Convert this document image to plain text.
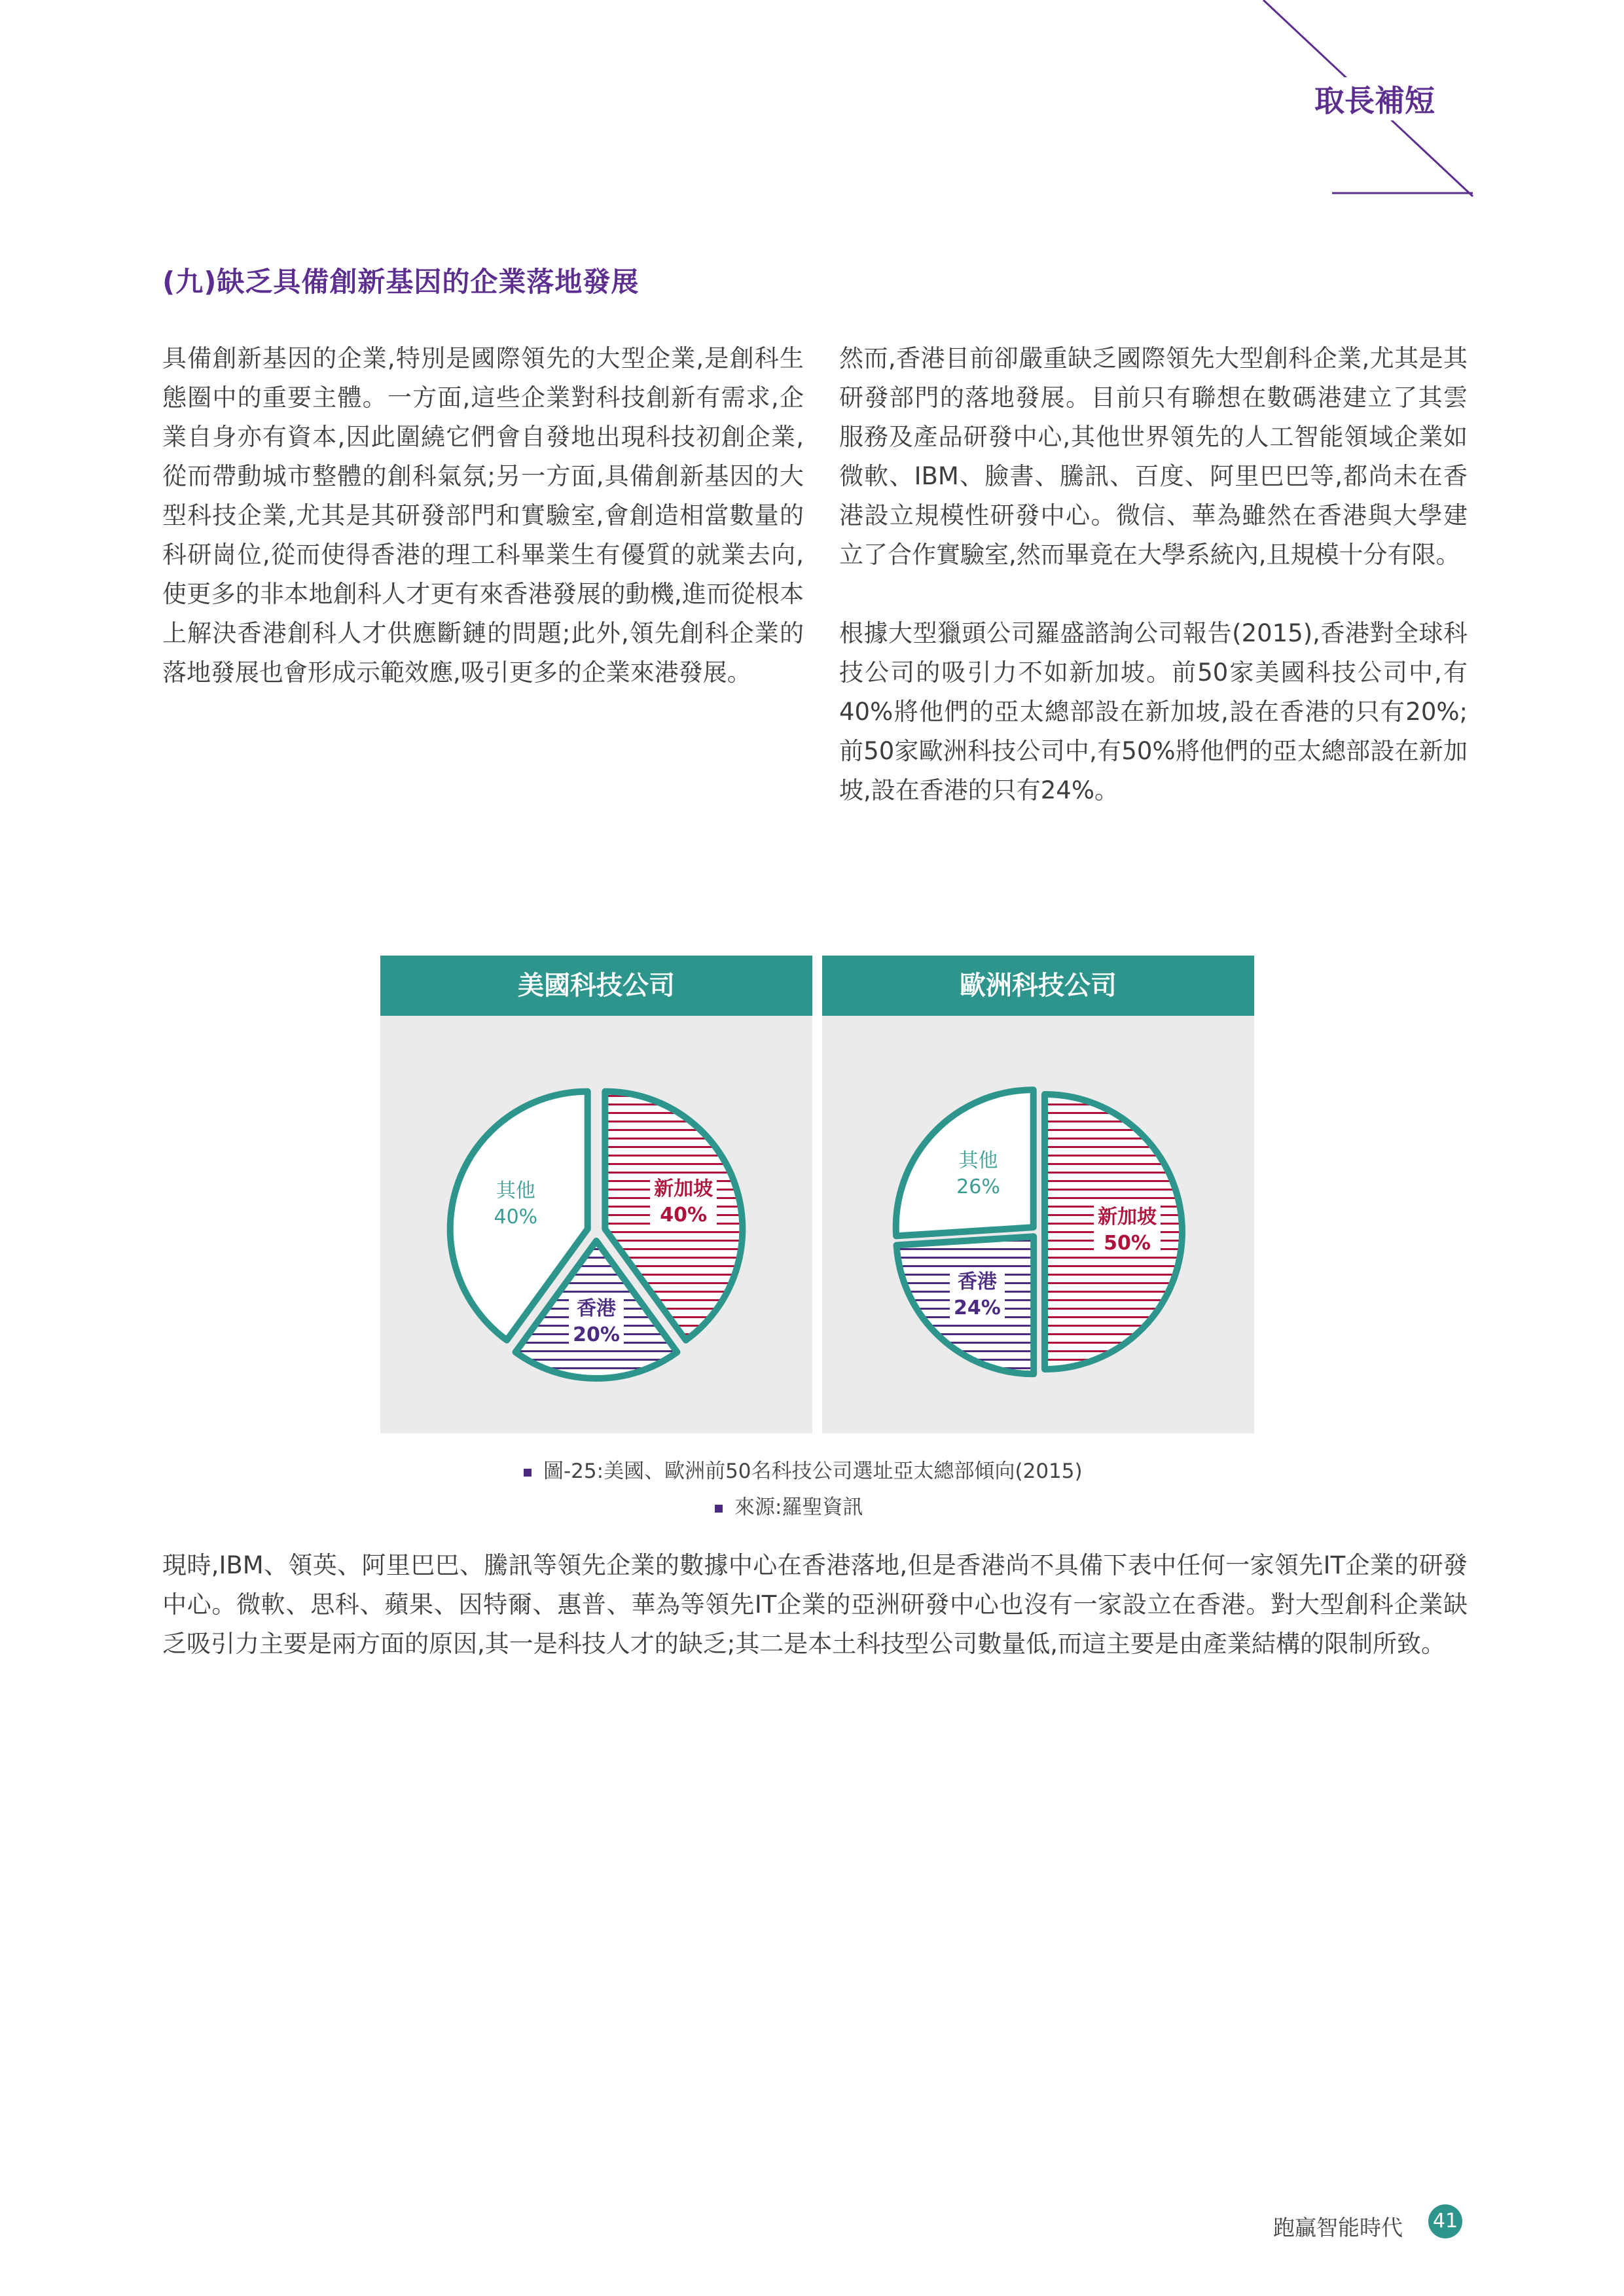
取長補短
(九)缺乏具備創新基因的企業落地發展

具備創新基因的企業,特別是國際領先的大型企業,是創科生態圈中的重要主體。一方面,這些企業對科技創新有需求,企業自身亦有資本,因此圍繞它們會自發地出現科技初創企業,從而帶動城市整體的創科氣氛;另一方面,具備創新基因的大型科技企業,尤其是其研發部門和實驗室,會創造相當數量的科研崗位,從而使得香港的理工科畢業生有優質的就業去向,使更多的非本地創科人才更有來香港發展的動機,進而從根本上解決香港創科人才供應斷鏈的問題;此外,領先創科企業的落地發展也會形成示範效應,吸引更多的企業來港發展。

然而,香港目前卻嚴重缺乏國際領先大型創科企業,尤其是其研發部門的落地發展。目前只有聯想在數碼港建立了其雲服務及產品研發中心,其他世界領先的人工智能領域企業如微軟、IBM、臉書、騰訊、百度、阿里巴巴等,都尚未在香港設立規模性研發中心。微信、華為雖然在香港與大學建立了合作實驗室,然而畢竟在大學系統內,且規模十分有限。

根據大型獵頭公司羅盛諮詢公司報告(2015),香港對全球科技公司的吸引力不如新加坡。前50家美國科技公司中,有40%將他們的亞太總部設在新加坡,設在香港的只有20%;前50家歐洲科技公司中,有50%將他們的亞太總部設在新加坡,設在香港的只有24%。

美國科技公司
新加坡
40%
香港
20%
其他
40%
歐洲科技公司
新加坡
50%
香港
24%
其他
26%
圖-25:美國、歐洲前50名科技公司選址亞太總部傾向(2015)
來源:羅聖資訊

現時,IBM、領英、阿里巴巴、騰訊等領先企業的數據中心在香港落地,但是香港尚不具備下表中任何一家領先IT企業的研發中心。微軟、思科、蘋果、因特爾、惠普、華為等領先IT企業的亞洲研發中心也沒有一家設立在香港。對大型創科企業缺乏吸引力主要是兩方面的原因,其一是科技人才的缺乏;其二是本土科技型公司數量低,而這主要是由產業結構的限制所致。

跑贏智能時代 41
